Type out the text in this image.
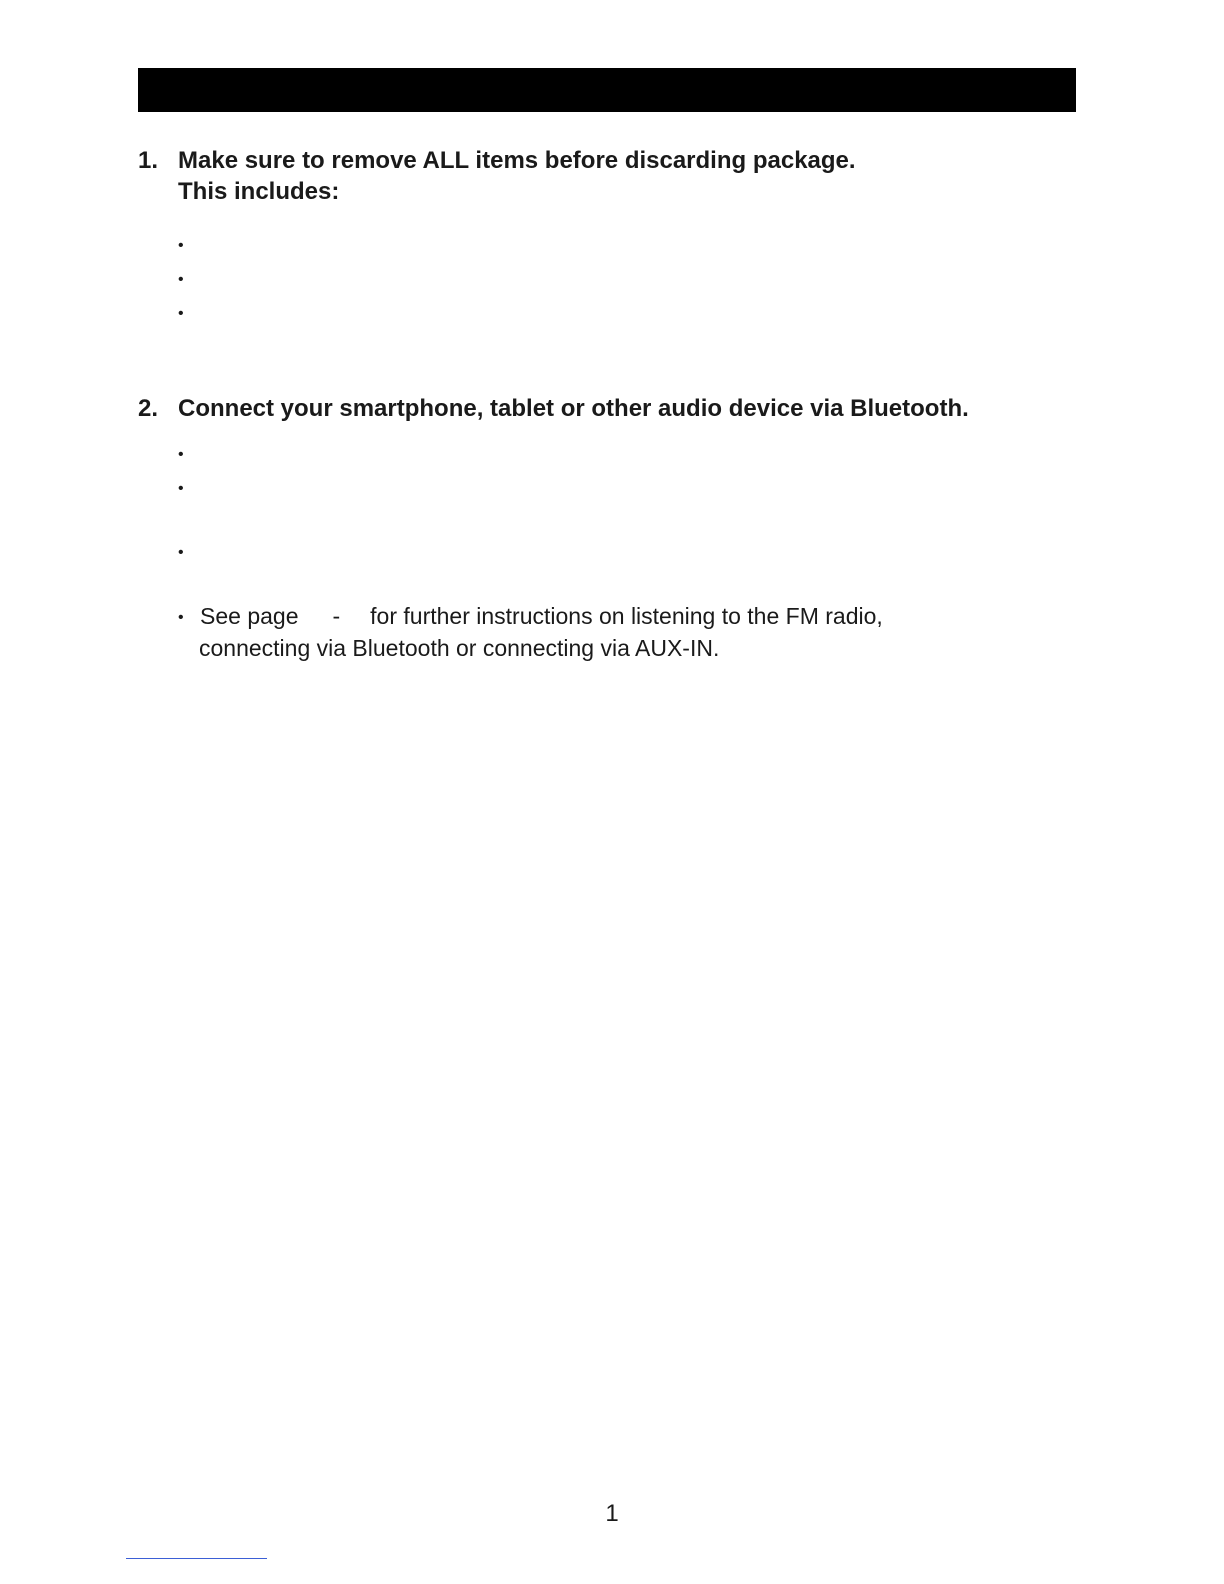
1. Make sure to remove ALL items before discarding package.
This includes:
•
•
•
2. Connect your smartphone, tablet or other audio device via Bluetooth.
•
•
•
• See page - for further instructions on listening to the FM radio,
connecting via Bluetooth or connecting via AUX-IN.
1
